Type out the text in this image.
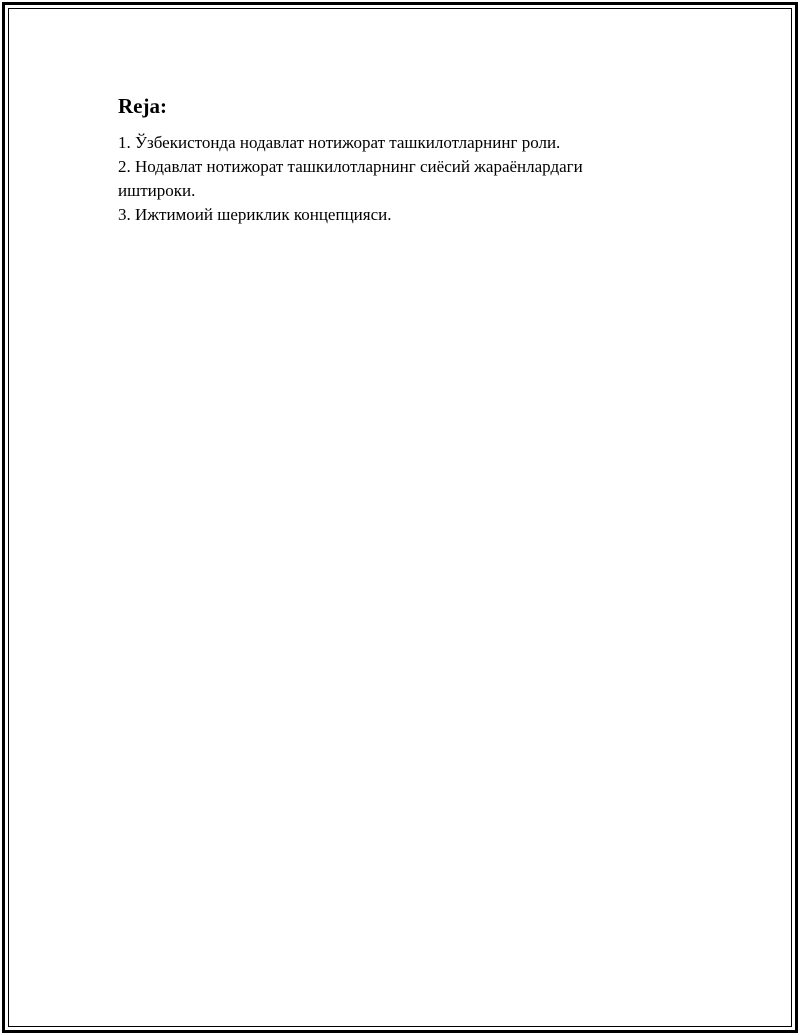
Reja:
1. Ўзбекистонда нодавлат нотижорат ташкилотларнинг роли.
2. Нодавлат нотижорат ташкилотларнинг сиёсий жараёнлардаги иштироки.
3. Ижтимоий шериклик концепцияси.
